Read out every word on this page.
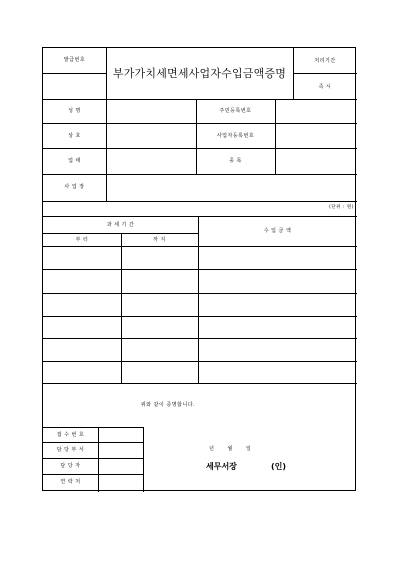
발급번호
부가가치세면세사업자수입금액증명
처리기간
즉 시
성 명	주민등록번호
상 호	사업자등록번호
업 태	종 목
사 업 장
(단위 : 원)
과 세 기 간
부 터	까 지
수 입 금 액
위와 같이 증명합니다.
접 수 번 호
담 당 부 서
담 당 자
연 락 처
년 월 일
세무서장	(인)
